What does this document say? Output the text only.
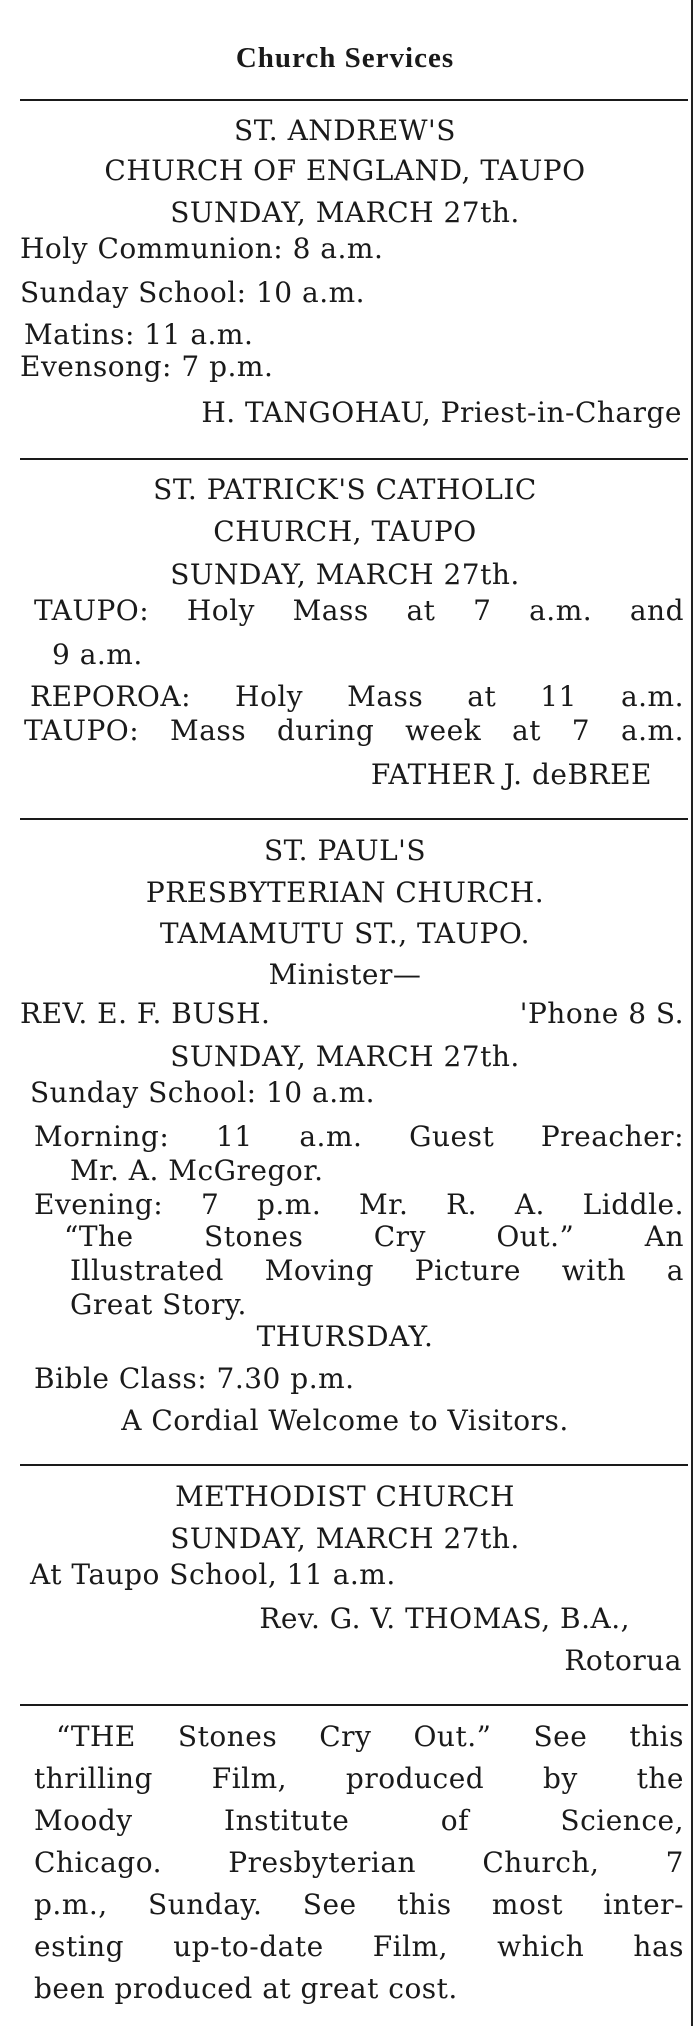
Church Services
ST. ANDREW'S
CHURCH OF ENGLAND, TAUPO
SUNDAY, MARCH 27th.
Holy Communion: 8 a.m.
Sunday School: 10 a.m.
Matins: 11 a.m.
Evensong: 7 p.m.
H. TANGOHAU, Priest-in-Charge
ST. PATRICK'S CATHOLIC
CHURCH, TAUPO
SUNDAY, MARCH 27th.
TAUPO: Holy Mass at 7 a.m. and
9 a.m.
REPOROA: Holy Mass at 11 a.m.
TAUPO: Mass during week at 7 a.m.
FATHER J. deBREE
ST. PAUL'S
PRESBYTERIAN CHURCH.
TAMAMUTU ST., TAUPO.
Minister—
REV. E. F. BUSH.	'Phone 8 S.
SUNDAY, MARCH 27th.
Sunday School: 10 a.m.
Morning: 11 a.m. Guest Preacher:
Mr. A. McGregor.
Evening: 7 p.m. Mr. R. A. Liddle.
“The Stones Cry Out.” An
Illustrated Moving Picture with a
Great Story.
THURSDAY.
Bible Class: 7.30 p.m.
A Cordial Welcome to Visitors.
METHODIST CHURCH
SUNDAY, MARCH 27th.
At Taupo School, 11 a.m.
Rev. G. V. THOMAS, B.A.,
Rotorua
“THE Stones Cry Out.” See this
thrilling Film, produced by the
Moody Institute of Science,
Chicago. Presbyterian Church, 7
p.m., Sunday. See this most inter-
esting up-to-date Film, which has
been produced at great cost.
